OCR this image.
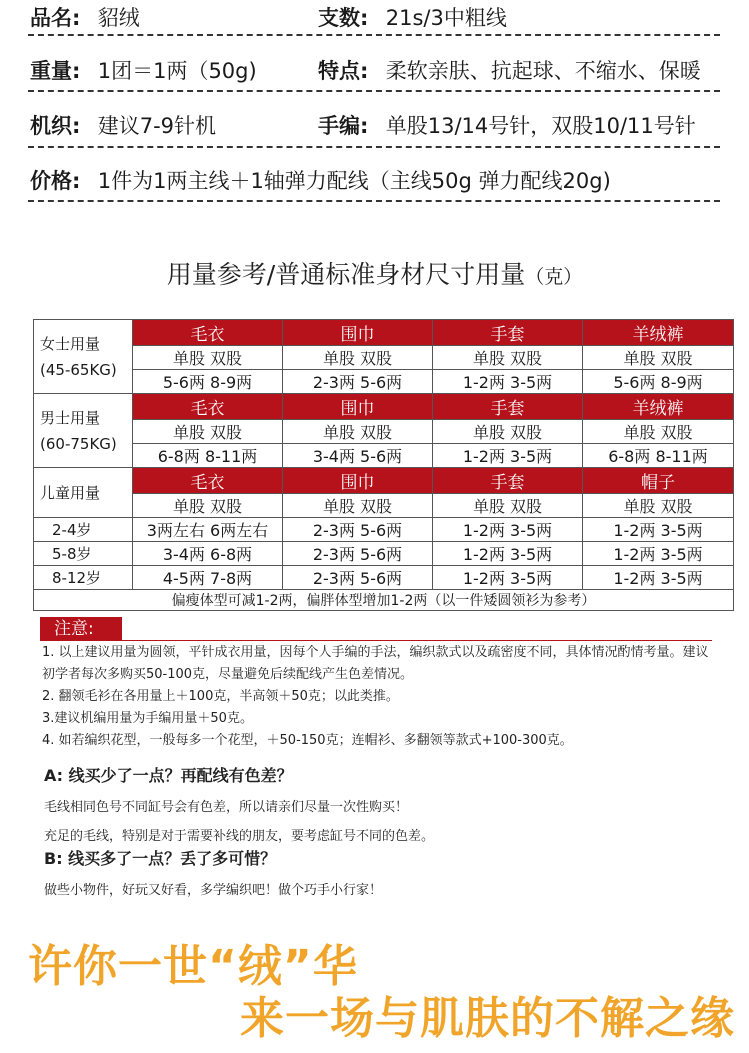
品名: 貂绒	支数: 21s/3中粗线
重量: 1团＝1两（50g)	特点: 柔软亲肤、抗起球、不缩水、保暖
机织: 建议7-9针机	手编: 单股13/14号针，双股10/11号针
价格: 1件为1两主线＋1轴弹力配线（主线50g 弹力配线20g)
用量参考/普通标准身材尺寸用量（克）
女士用量
(45-65KG)	毛衣	围巾	手套	羊绒裤
	单股 双股	单股 双股	单股 双股	单股 双股
	5-6两 8-9两	2-3两 5-6两	1-2两 3-5两	5-6两 8-9两

男士用量
(60-75KG)	毛衣	围巾	手套	羊绒裤
	单股 双股	单股 双股	单股 双股	单股 双股
	6-8两 8-11两	3-4两 5-6两	1-2两 3-5两	6-8两 8-11两

儿童用量	毛衣	围巾	手套	帽子
	单股 双股	单股 双股	单股 双股	单股 双股
2-4岁	3两左右 6两左右	2-3两 5-6两	1-2两 3-5两	1-2两 3-5两
5-8岁	3-4两 6-8两	2-3两 5-6两	1-2两 3-5两	1-2两 3-5两
8-12岁	4-5两 7-8两	2-3两 5-6两	1-2两 3-5两	1-2两 3-5两
偏瘦体型可减1-2两，偏胖体型增加1-2两（以一件矮圆领衫为参考）				
注意:

1. 以上建议用量为圆领，平针成衣用量，因每个人手编的手法，编织款式以及疏密度不同，具体情况酌情考量。建议初学者每次多购买50-100克，尽量避免后续配线产生色差情况。

2. 翻领毛衫在各用量上＋100克，半高领＋50克；以此类推。

3.建议机编用量为手编用量＋50克。

4. 如若编织花型，一般每多一个花型，＋50-150克；连帽衫、多翻领等款式+100-300克。

A: 线买少了一点？再配线有色差？

毛线相同色号不同缸号会有色差，所以请亲们尽量一次性购买！

充足的毛线，特别是对于需要补线的朋友，要考虑缸号不同的色差。

B: 线买多了一点？丢了多可惜？

做些小物件，好玩又好看，多学编织吧！做个巧手小行家！

许你一世“绒”华
来一场与肌肤的不解之缘
